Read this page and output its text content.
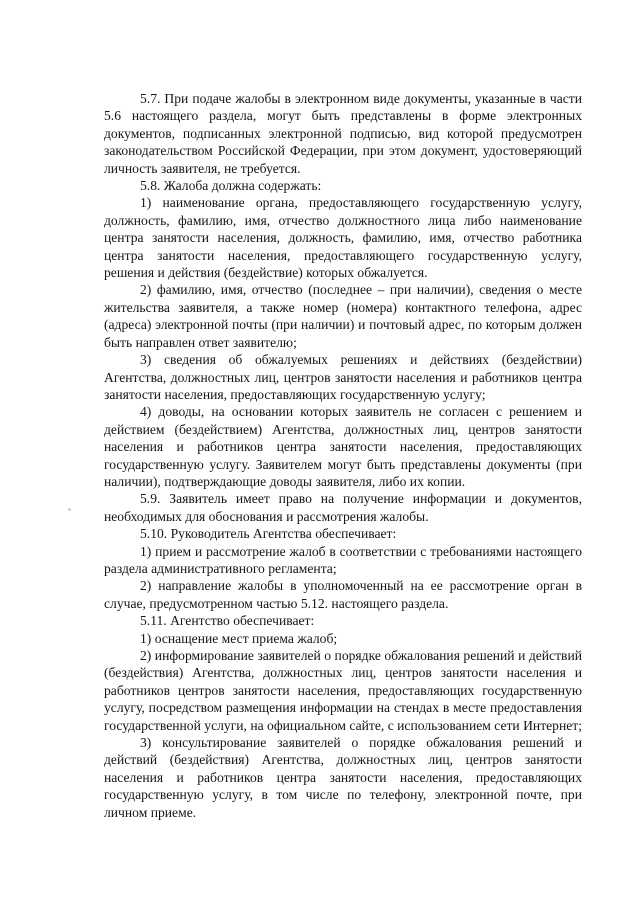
5.7. При подаче жалобы в электронном виде документы, указанные в части 5.6 настоящего раздела, могут быть представлены в форме электронных документов, подписанных электронной подписью, вид которой предусмотрен законодательством Российской Федерации, при этом документ, удостоверяющий личность заявителя, не требуется.

5.8. Жалоба должна содержать:

1) наименование органа, предоставляющего государственную услугу, должность, фамилию, имя, отчество должностного лица либо наименование центра занятости населения, должность, фамилию, имя, отчество работника центра занятости населения, предоставляющего государственную услугу, решения и действия (бездействие) которых обжалуется.

2) фамилию, имя, отчество (последнее – при наличии), сведения о месте жительства заявителя, а также номер (номера) контактного телефона, адрес (адреса) электронной почты (при наличии) и почтовый адрес, по которым должен быть направлен ответ заявителю;

3) сведения об обжалуемых решениях и действиях (бездействии) Агентства, должностных лиц, центров занятости населения и работников центра занятости населения, предоставляющих государственную услугу;

4) доводы, на основании которых заявитель не согласен с решением и действием (бездействием) Агентства, должностных лиц, центров занятости населения и работников центра занятости населения, предоставляющих государственную услугу. Заявителем могут быть представлены документы (при наличии), подтверждающие доводы заявителя, либо их копии.

5.9. Заявитель имеет право на получение информации и документов, необходимых для обоснования и рассмотрения жалобы.

5.10. Руководитель Агентства обеспечивает:

1) прием и рассмотрение жалоб в соответствии с требованиями настоящего раздела административного регламента;

2) направление жалобы в уполномоченный на ее рассмотрение орган в случае, предусмотренном частью 5.12. настоящего раздела.

5.11. Агентство обеспечивает:

1) оснащение мест приема жалоб;

2) информирование заявителей о порядке обжалования решений и действий (бездействия) Агентства, должностных лиц, центров занятости населения и работников центров занятости населения, предоставляющих государственную услугу, посредством размещения информации на стендах в месте предоставления государственной услуги, на официальном сайте, с использованием сети Интернет;

3) консультирование заявителей о порядке обжалования решений и действий (бездействия) Агентства, должностных лиц, центров занятости населения и работников центра занятости населения, предоставляющих государственную услугу, в том числе по телефону, электронной почте, при личном приеме.
